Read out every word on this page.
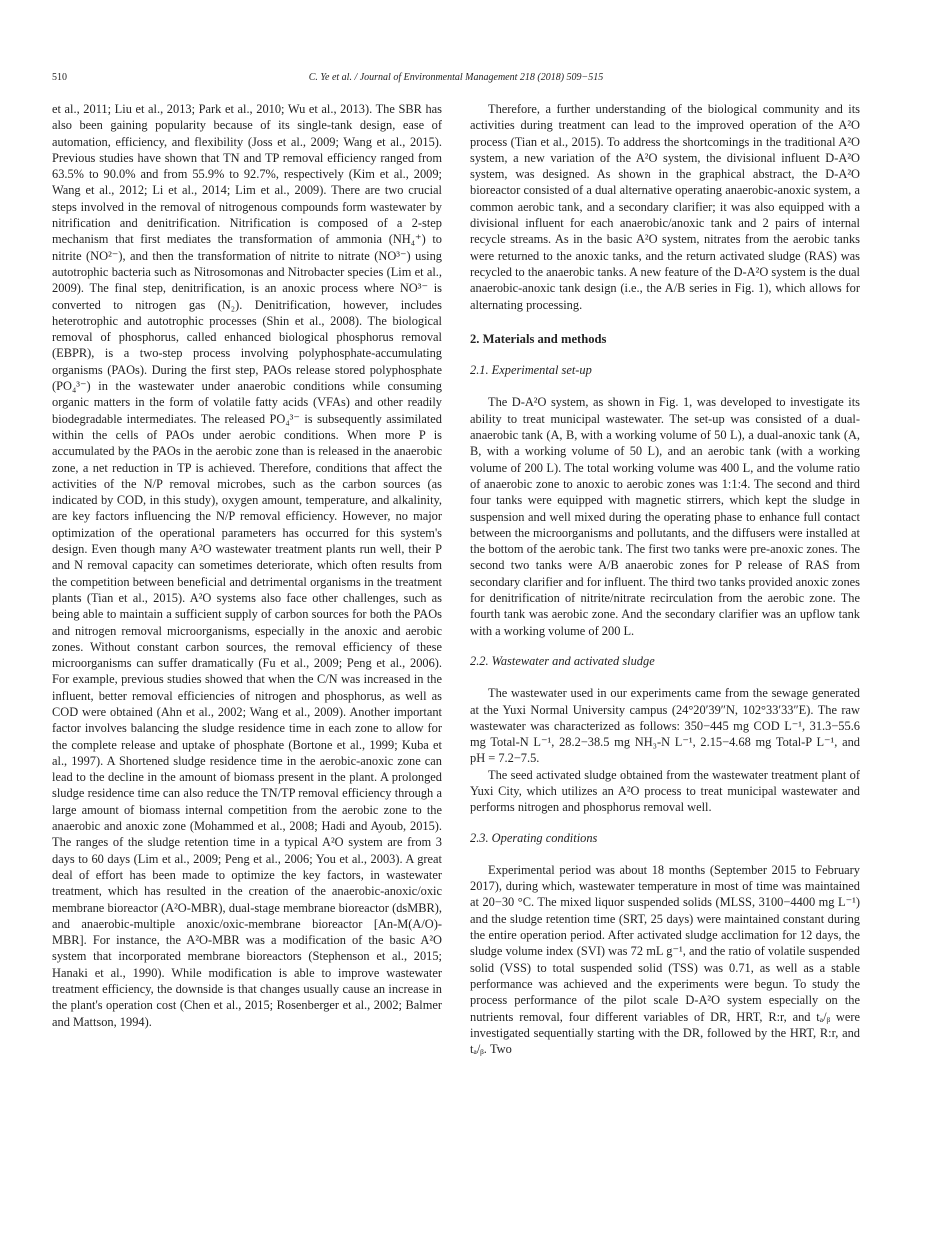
510	C. Ye et al. / Journal of Environmental Management 218 (2018) 509−515

et al., 2011; Liu et al., 2013; Park et al., 2010; Wu et al., 2013). The SBR has also been gaining popularity because of its single-tank design, ease of automation, efficiency, and flexibility (Joss et al., 2009; Wang et al., 2015). Previous studies have shown that TN and TP removal efficiency ranged from 63.5% to 90.0% and from 55.9% to 92.7%, respectively (Kim et al., 2009; Wang et al., 2012; Li et al., 2014; Lim et al., 2009). There are two crucial steps involved in the removal of nitrogenous compounds form wastewater by nitrification and denitrification. Nitrification is composed of a 2-step mechanism that first mediates the transformation of ammonia (NH₄⁺) to nitrite (NO²⁻), and then the transformation of nitrite to nitrate (NO³⁻) using autotrophic bacteria such as Nitrosomonas and Nitrobacter species (Lim et al., 2009). The final step, denitrification, is an anoxic process where NO³⁻ is converted to nitrogen gas (N₂). Denitrification, however, includes heterotrophic and autotrophic processes (Shin et al., 2008). The biological removal of phosphorus, called enhanced biological phosphorus removal (EBPR), is a two-step process involving polyphosphate-accumulating organisms (PAOs). During the first step, PAOs release stored polyphosphate (PO₄³⁻) in the wastewater under anaerobic conditions while consuming organic matters in the form of volatile fatty acids (VFAs) and other readily biodegradable intermediates. The released PO₄³⁻ is subsequently assimilated within the cells of PAOs under aerobic conditions. When more P is accumulated by the PAOs in the aerobic zone than is released in the anaerobic zone, a net reduction in TP is achieved. Therefore, conditions that affect the activities of the N/P removal microbes, such as the carbon sources (as indicated by COD, in this study), oxygen amount, temperature, and alkalinity, are key factors influencing the N/P removal efficiency. However, no major optimization of the operational parameters has occurred for this system's design. Even though many A²O wastewater treatment plants run well, their P and N removal capacity can sometimes deteriorate, which often results from the competition between beneficial and detrimental organisms in the treatment plants (Tian et al., 2015). A²O systems also face other challenges, such as being able to maintain a sufficient supply of carbon sources for both the PAOs and nitrogen removal microorganisms, especially in the anoxic and aerobic zones. Without constant carbon sources, the removal efficiency of these microorganisms can suffer dramatically (Fu et al., 2009; Peng et al., 2006). For example, previous studies showed that when the C/N was increased in the influent, better removal efficiencies of nitrogen and phosphorus, as well as COD were obtained (Ahn et al., 2002; Wang et al., 2009). Another important factor involves balancing the sludge residence time in each zone to allow for the complete release and uptake of phosphate (Bortone et al., 1999; Kuba et al., 1997). A Shortened sludge residence time in the aerobic-anoxic zone can lead to the decline in the amount of biomass present in the plant. A prolonged sludge residence time can also reduce the TN/TP removal efficiency through a large amount of biomass internal competition from the aerobic zone to the anaerobic and anoxic zone (Mohammed et al., 2008; Hadi and Ayoub, 2015). The ranges of the sludge retention time in a typical A²O system are from 3 days to 60 days (Lim et al., 2009; Peng et al., 2006; You et al., 2003). A great deal of effort has been made to optimize the key factors, in wastewater treatment, which has resulted in the creation of the anaerobic-anoxic/oxic membrane bioreactor (A²O-MBR), dual-stage membrane bioreactor (dsMBR), and anaerobic-multiple anoxic/oxic-membrane bioreactor [An-M(A/O)-MBR]. For instance, the A²O-MBR was a modification of the basic A²O system that incorporated membrane bioreactors (Stephenson et al., 2015; Hanaki et al., 1990). While modification is able to improve wastewater treatment efficiency, the downside is that changes usually cause an increase in the plant's operation cost (Chen et al., 2015; Rosenberger et al., 2002; Balmer and Mattson, 1994).

Therefore, a further understanding of the biological community and its activities during treatment can lead to the improved operation of the A²O process (Tian et al., 2015). To address the shortcomings in the traditional A²O system, a new variation of the A²O system, the divisional influent D-A²O system, was designed. As shown in the graphical abstract, the D-A²O bioreactor consisted of a dual alternative operating anaerobic-anoxic system, a common aerobic tank, and a secondary clarifier; it was also equipped with a divisional influent for each anaerobic/anoxic tank and 2 pairs of internal recycle streams. As in the basic A²O system, nitrates from the aerobic tanks were returned to the anoxic tanks, and the return activated sludge (RAS) was recycled to the anaerobic tanks. A new feature of the D-A²O system is the dual anaerobic-anoxic tank design (i.e., the A/B series in Fig. 1), which allows for alternating processing.

2. Materials and methods
2.1. Experimental set-up

The D-A²O system, as shown in Fig. 1, was developed to investigate its ability to treat municipal wastewater. The set-up was consisted of a dual-anaerobic tank (A, B, with a working volume of 50 L), a dual-anoxic tank (A, B, with a working volume of 50 L), and an aerobic tank (with a working volume of 200 L). The total working volume was 400 L, and the volume ratio of anaerobic zone to anoxic to aerobic zones was 1:1:4. The second and third four tanks were equipped with magnetic stirrers, which kept the sludge in suspension and well mixed during the operating phase to enhance full contact between the microorganisms and pollutants, and the diffusers were installed at the bottom of the aerobic tank. The first two tanks were pre-anoxic zones. The second two tanks were A/B anaerobic zones for P release of RAS from secondary clarifier and for influent. The third two tanks provided anoxic zones for denitrification of nitrite/nitrate recirculation from the aerobic zone. The fourth tank was aerobic zone. And the secondary clarifier was an upflow tank with a working volume of 200 L.

2.2. Wastewater and activated sludge

The wastewater used in our experiments came from the sewage generated at the Yuxi Normal University campus (24°20′39″N, 102°33′33″E). The raw wastewater was characterized as follows: 350−445 mg COD L⁻¹, 31.3−55.6 mg Total-N L⁻¹, 28.2−38.5 mg NH₃-N L⁻¹, 2.15−4.68 mg Total-P L⁻¹, and pH = 7.2−7.5.

The seed activated sludge obtained from the wastewater treatment plant of Yuxi City, which utilizes an A²O process to treat municipal wastewater and performs nitrogen and phosphorus removal well.

2.3. Operating conditions

Experimental period was about 18 months (September 2015 to February 2017), during which, wastewater temperature in most of time was maintained at 20−30 °C. The mixed liquor suspended solids (MLSS, 3100−4400 mg L⁻¹) and the sludge retention time (SRT, 25 days) were maintained constant during the entire operation period. After activated sludge acclimation for 12 days, the sludge volume index (SVI) was 72 mL g⁻¹, and the ratio of volatile suspended solid (VSS) to total suspended solid (TSS) was 0.71, as well as a stable performance was achieved and the experiments were begun. To study the process performance of the pilot scale D-A²O system especially on the nutrients removal, four different variables of DR, HRT, R:r, and tₐ/ᵦ were investigated sequentially starting with the DR, followed by the HRT, R:r, and tₐ/ᵦ. Two
